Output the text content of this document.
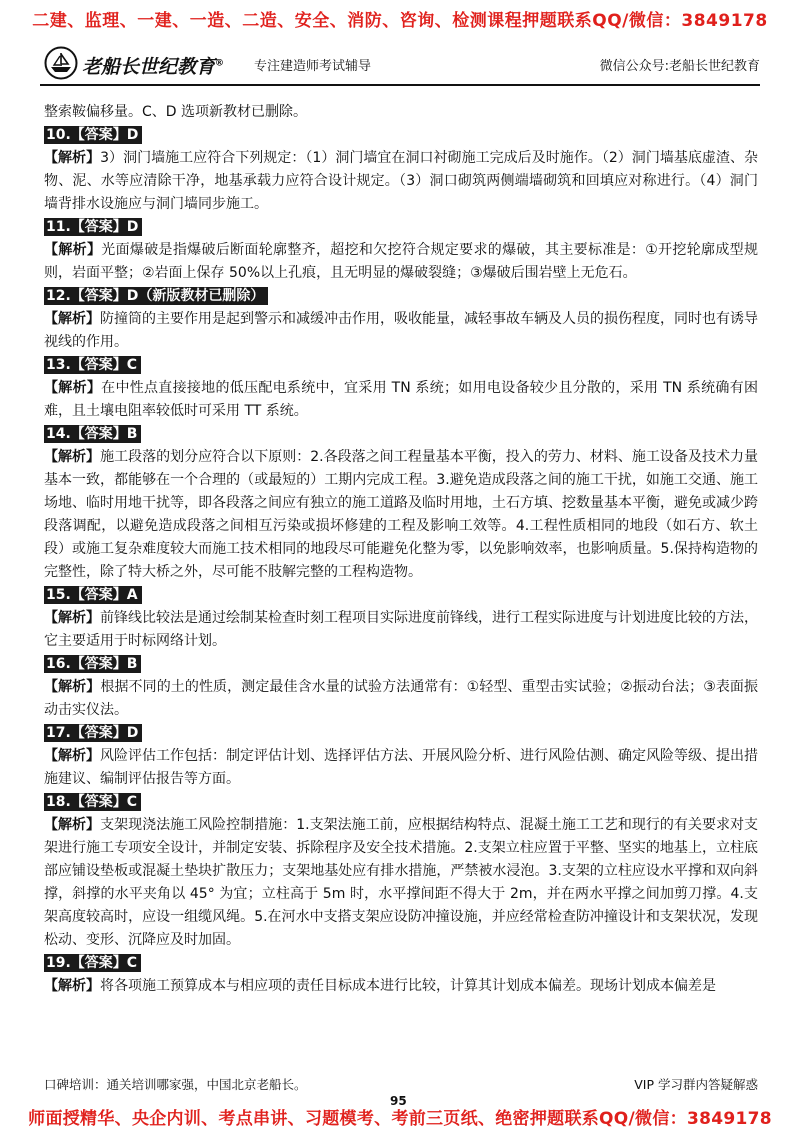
二建、监理、一建、一造、二造、安全、消防、咨询、检测课程押题联系QQ/微信：3849178
老船长世纪教育® 专注建造师考试辅导	微信公众号:老船长世纪教育

整索鞍偏移量。C、D 选项新教材已删除。

10.【答案】D

【解析】3）洞门墙施工应符合下列规定：（1）洞门墙宜在洞口衬砌施工完成后及时施作。（2）洞门墙基底虚渣、杂物、泥、水等应清除干净，地基承载力应符合设计规定。（3）洞口砌筑两侧端墙砌筑和回填应对称进行。（4）洞门墙背排水设施应与洞门墙同步施工。

11.【答案】D

【解析】光面爆破是指爆破后断面轮廓整齐，超挖和欠挖符合规定要求的爆破，其主要标准是：①开挖轮廓成型规则，岩面平整；②岩面上保存 50%以上孔痕，且无明显的爆破裂缝；③爆破后围岩壁上无危石。

12.【答案】D（新版教材已删除）

【解析】防撞筒的主要作用是起到警示和减缓冲击作用，吸收能量，减轻事故车辆及人员的损伤程度，同时也有诱导视线的作用。

13.【答案】C

【解析】在中性点直接接地的低压配电系统中，宜采用 TN 系统；如用电设备较少且分散的，采用 TN 系统确有困难，且土壤电阻率较低时可采用 TT 系统。

14.【答案】B

【解析】施工段落的划分应符合以下原则：2.各段落之间工程量基本平衡，投入的劳力、材料、施工设备及技术力量基本一致，都能够在一个合理的（或最短的）工期内完成工程。3.避免造成段落之间的施工干扰，如施工交通、施工场地、临时用地干扰等，即各段落之间应有独立的施工道路及临时用地，土石方填、挖数量基本平衡，避免或减少跨段落调配，以避免造成段落之间相互污染或损坏修建的工程及影响工效等。4.工程性质相同的地段（如石方、软土段）或施工复杂难度较大而施工技术相同的地段尽可能避免化整为零，以免影响效率，也影响质量。5.保持构造物的完整性，除了特大桥之外，尽可能不肢解完整的工程构造物。

15.【答案】A

【解析】前锋线比较法是通过绘制某检查时刻工程项目实际进度前锋线，进行工程实际进度与计划进度比较的方法，它主要适用于时标网络计划。

16.【答案】B

【解析】根据不同的土的性质，测定最佳含水量的试验方法通常有：①轻型、重型击实试验；②振动台法；③表面振动击实仪法。

17.【答案】D

【解析】风险评估工作包括：制定评估计划、选择评估方法、开展风险分析、进行风险估测、确定风险等级、提出措施建议、编制评估报告等方面。

18.【答案】C

【解析】支架现浇法施工风险控制措施：1.支架法施工前，应根据结构特点、混凝土施工工艺和现行的有关要求对支架进行施工专项安全设计，并制定安装、拆除程序及安全技术措施。2.支架立柱应置于平整、坚实的地基上，立柱底部应铺设垫板或混凝土垫块扩散压力；支架地基处应有排水措施，严禁被水浸泡。3.支架的立柱应设水平撑和双向斜撑，斜撑的水平夹角以 45° 为宜；立柱高于 5m 时，水平撑间距不得大于 2m，并在两水平撑之间加剪刀撑。4.支架高度较高时，应设一组缆风绳。5.在河水中支搭支架应设防冲撞设施，并应经常检查防冲撞设计和支架状况，发现松动、变形、沉降应及时加固。

19.【答案】C

【解析】将各项施工预算成本与相应项的责任目标成本进行比较，计算其计划成本偏差。现场计划成本偏差是

口碑培训：通关培训哪家强，中国北京老船长。	VIP 学习群内答疑解惑
95
师面授精华、央企内训、考点串讲、习题模考、考前三页纸、绝密押题联系QQ/微信：3849178
